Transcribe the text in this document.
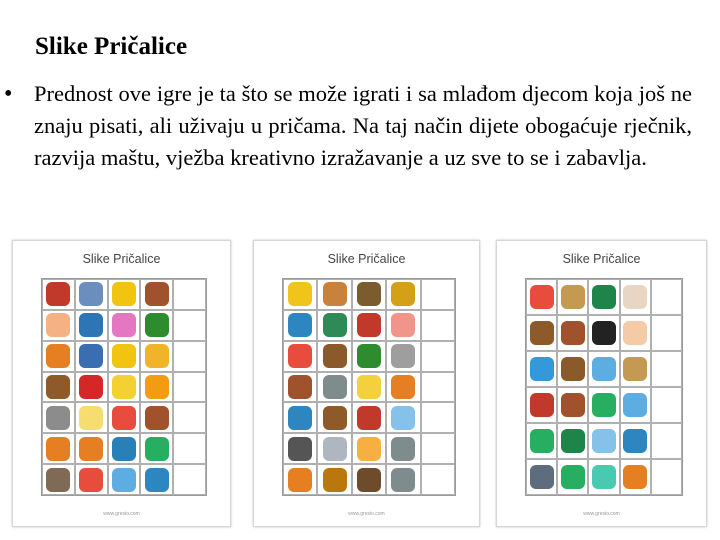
Slike Pričalice
• Prednost ove igre je ta što se može igrati i sa mlađom djecom koja još ne znaju pisati, ali uživaju u pričama. Na taj način dijete obogaćuje rječnik, razvija maštu, vježba kreativno izražavanje a uz sve to se i zabavlja.
Slike Pričalice
www.gresio.com
Slike Pričalice
www.gresio.com
Slike Pričalice
www.gresio.com
